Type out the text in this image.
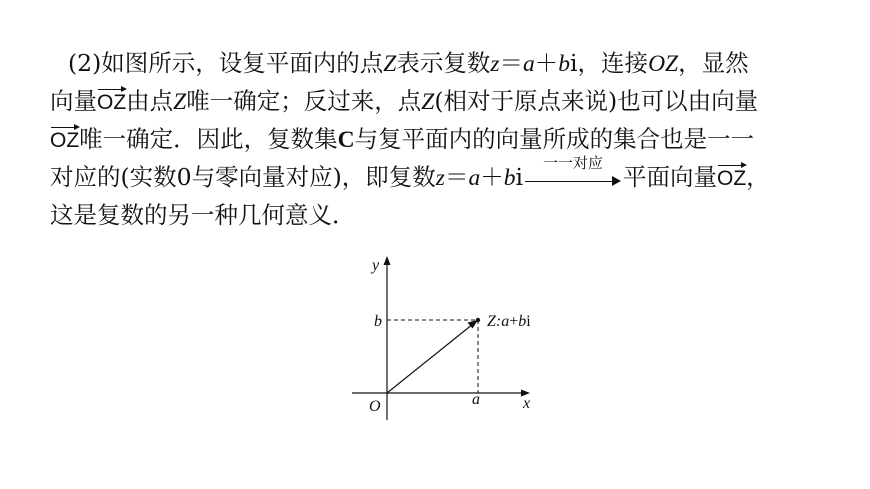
(2)如图所示，设复平面内的点Z表示复数z＝a＋bi，连接OZ，显然
向量OZ由点Z唯一确定；反过来，点Z(相对于原点来说)也可以由向量
OZ唯一确定．因此，复数集C与复平面内的向量所成的集合也是一一
对应的(实数0与零向量对应)，即复数z＝a＋bi
一一对应
平面向量OZ，
这是复数的另一种几何意义．
y
x
O	a
b	Z:a+bi
